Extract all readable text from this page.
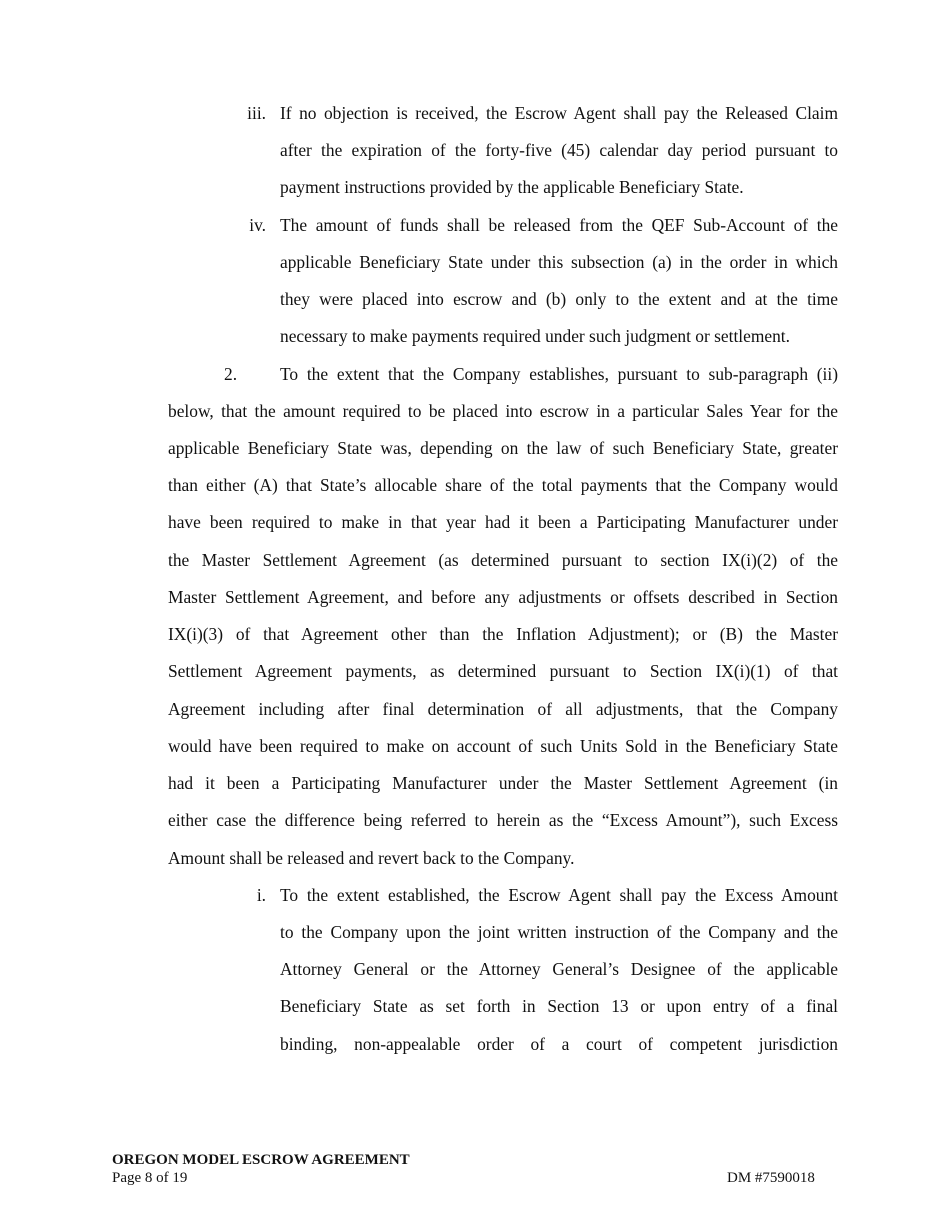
iii. If no objection is received, the Escrow Agent shall pay the Released Claim
after the expiration of the forty-five (45) calendar day period pursuant to
payment instructions provided by the applicable Beneficiary State.
iv. The amount of funds shall be released from the QEF Sub-Account of the
applicable Beneficiary State under this subsection (a) in the order in which
they were placed into escrow and (b) only to the extent and at the time
necessary to make payments required under such judgment or settlement.
2. To the extent that the Company establishes, pursuant to sub-paragraph (ii)
below, that the amount required to be placed into escrow in a particular Sales Year for the
applicable Beneficiary State was, depending on the law of such Beneficiary State, greater
than either (A) that State’s allocable share of the total payments that the Company would
have been required to make in that year had it been a Participating Manufacturer under
the Master Settlement Agreement (as determined pursuant to section IX(i)(2) of the
Master Settlement Agreement, and before any adjustments or offsets described in Section
IX(i)(3) of that Agreement other than the Inflation Adjustment); or (B) the Master
Settlement Agreement payments, as determined pursuant to Section IX(i)(1) of that
Agreement including after final determination of all adjustments, that the Company
would have been required to make on account of such Units Sold in the Beneficiary State
had it been a Participating Manufacturer under the Master Settlement Agreement (in
either case the difference being referred to herein as the “Excess Amount”), such Excess
Amount shall be released and revert back to the Company.
i. To the extent established, the Escrow Agent shall pay the Excess Amount
to the Company upon the joint written instruction of the Company and the
Attorney General or the Attorney General’s Designee of the applicable
Beneficiary State as set forth in Section 13 or upon entry of a final
binding, non-appealable order of a court of competent jurisdiction
OREGON MODEL ESCROW AGREEMENT
Page 8 of 19	DM #7590018
